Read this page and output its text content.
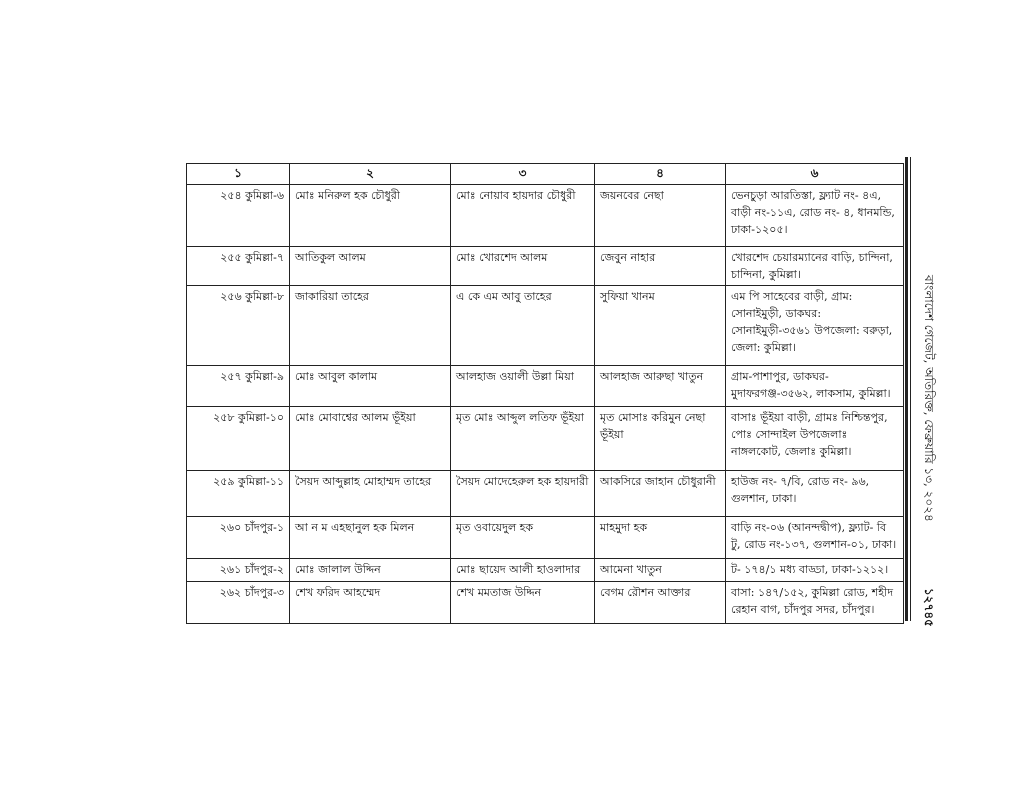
১	২	৩	৪	৬
২৫৪ কুমিল্লা-৬	মোঃ মনিরুল হক চৌধুরী	মোঃ নোয়াব হায়দার চৌধুরী	জয়নবের নেছা	ভেনচুড়া আরতিস্তা, ফ্ল্যাট নং- ৪এ, বাড়ী নং-১১এ, রোড নং- ৪, ধানমন্ডি, ঢাকা-১২০৫।
২৫৫ কুমিল্লা-৭	আতিকুল আলম	মোঃ খোরশেদ আলম	জেবুন নাহার	খোরশেদ চেয়ারম্যানের বাড়ি, চান্দিনা, চান্দিনা, কুমিল্লা।
২৫৬ কুমিল্লা-৮	জাকারিয়া তাহের	এ কে এম আবু তাহের	সুফিয়া খানম	এম পি সাহেবের বাড়ী, গ্রাম: সোনাইমুড়ী, ডাকঘর: সোনাইমুড়ী-৩৫৬১ উপজেলা: বরুড়া, জেলা: কুমিল্লা।
২৫৭ কুমিল্লা-৯	মোঃ আবুল কালাম	আলহাজ ওয়ালী উল্লা মিয়া	আলহাজ আরুছা খাতুন	গ্রাম-পাশাপুর, ডাকঘর- মুদাফরগঞ্জ-৩৫৬২, লাকসাম, কুমিল্লা।
২৫৮ কুমিল্লা-১০	মোঃ মোবাশ্বের আলম ভূঁইয়া	মৃত মোঃ আব্দুল লতিফ ভূঁইয়া	মৃত মোসাঃ করিমুন নেছা ভূঁইয়া	বাসাঃ ভূঁইয়া বাড়ী, গ্রামঃ নিশ্চিন্তপুর, পোঃ সোন্দাইল উপজেলাঃ নাঙ্গলকোট, জেলাঃ কুমিল্লা।
২৫৯ কুমিল্লা-১১	সৈয়দ আব্দুল্লাহ মোহাম্মদ তাহের	সৈয়দ মোদেহেরুল হক হায়দারী	আকসিরে জাহান চৌধুরানী	হাউজ নং- ৭/বি, রোড নং- ৯৬, গুলশান, ঢাকা।
২৬০ চাঁদপুর-১	আ ন ম এহছানুল হক মিলন	মৃত ওবায়েদুল হক	মাহমুদা হক	বাড়ি নং-০৬ (আনন্দদ্বীপ), ফ্ল্যাট- বি টু, রোড নং-১৩৭, গুলশান-০১, ঢাকা।
২৬১ চাঁদপুর-২	মোঃ জালাল উদ্দিন	মোঃ ছায়েদ আলী হাওলাদার	আমেনা খাতুন	ট- ১৭৪/১ মধ্য বাড্ডা, ঢাকা-১২১২।
২৬২ চাঁদপুর-৩	শেখ ফরিদ আহম্মেদ	শেখ মমতাজ উদ্দিন	বেগম রৌশন আক্তার	বাসা: ১৪৭/১৫২, কুমিল্লা রোড, শহীদ রেহান বাগ, চাঁদপুর সদর, চাঁদপুর।
বাংলাদেশ গেজেট, অতিরিক্ত, ফেব্রুয়ারি ১৩, ২০২৪
১২৭৪৫
